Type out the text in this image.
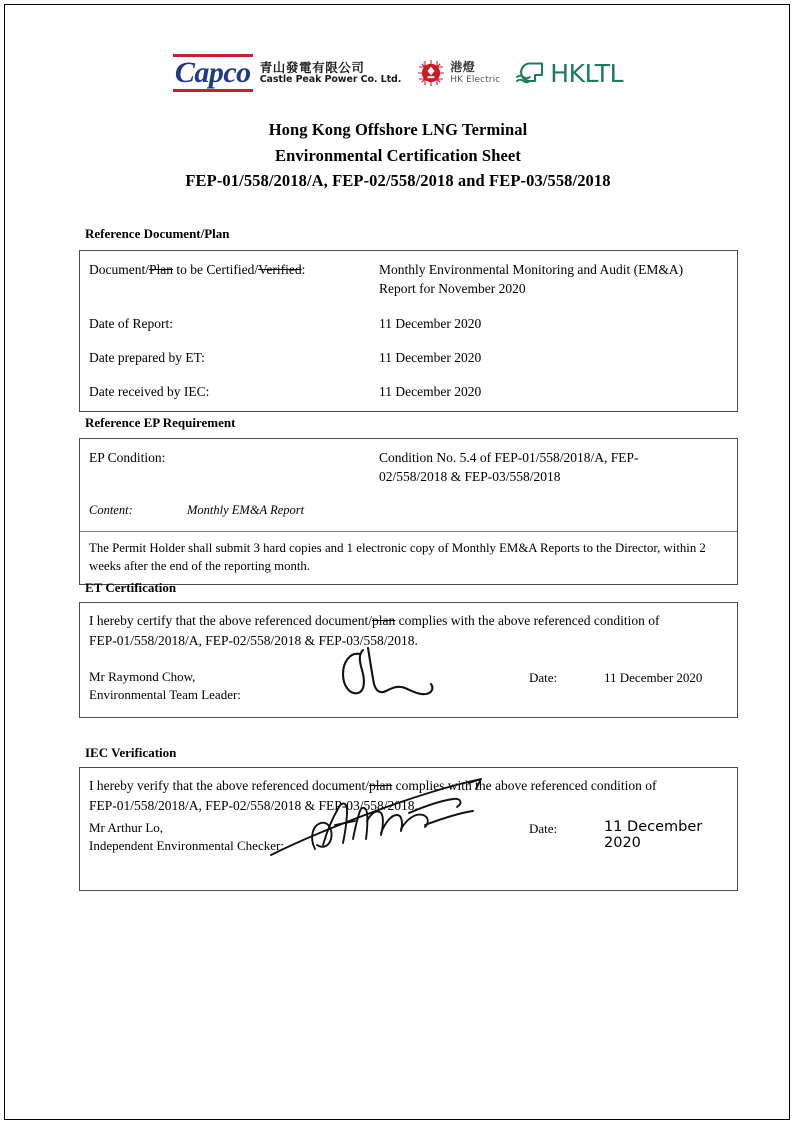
Capco 青山發電有限公司
Castle Peak Power Co. Ltd.
港燈
HK Electric HKLTL
Hong Kong Offshore LNG Terminal
Environmental Certification Sheet
FEP-01/558/2018/A, FEP-02/558/2018 and FEP-03/558/2018
Reference Document/Plan
Document/Plan to be Certified/Verified:	Monthly Environmental Monitoring and Audit (EM&A)
Report for November 2020
Date of Report:	11 December 2020
Date prepared by ET:	11 December 2020
Date received by IEC:	11 December 2020
Reference EP Requirement
EP Condition:	Condition No. 5.4 of FEP-01/558/2018/A, FEP-
02/558/2018 & FEP-03/558/2018
Content:	Monthly EM&A Report
The Permit Holder shall submit 3 hard copies and 1 electronic copy of Monthly EM&A Reports to the Director, within 2 weeks after the end of the reporting month.
ET Certification
I hereby certify that the above referenced document/plan complies with the above referenced condition of
FEP-01/558/2018/A, FEP-02/558/2018 & FEP-03/558/2018.
Mr Raymond Chow,
Environmental Team Leader:
Date:	11 December 2020
IEC Verification
I hereby verify that the above referenced document/plan complies with the above referenced condition of
FEP-01/558/2018/A, FEP-02/558/2018 & FEP-03/558/2018.
Mr Arthur Lo,
Independent Environmental Checker:
Date:	11 December 2020
